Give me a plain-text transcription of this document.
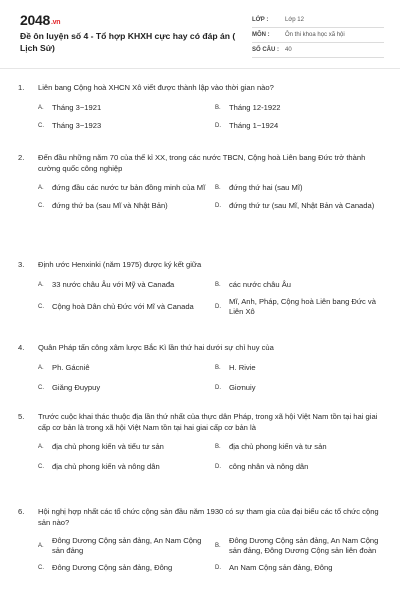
2048.vn
Đề ôn luyện số 4 - Tổ hợp KHXH cực hay có đáp án ( Lịch Sử)
LỚP :	Lớp 12
MÔN :	Ôn thi khoa học xã hội
SỐ CÂU :	40
1.	Liên bang Cộng hoà XHCN Xô viết được thành lập vào thời gian nào?
A.	Tháng 3−1921	B.	Tháng 12-1922
C.	Tháng 3−1923	D.	Tháng 1−1924
2.	Đến đầu những năm 70 của thế kỉ XX, trong các nước TBCN, Cộng hoà Liên bang Đức trở thành cường quốc công nghiệp
A.	đứng đầu các nước tư bản đồng minh của Mĩ B.	đứng thứ hai (sau Mĩ)
C.	đứng thứ ba (sau Mĩ và Nhật Bản)	D.	đứng thứ tư (sau Mĩ, Nhật Bản và Canada)
3.	Định ước Henxinki (năm 1975) được ký kết giữa
A.	33 nước châu Âu với Mỹ và Canađa	B.	các nước châu Âu
C.	Cộng hoà Dân chủ Đức với Mĩ và Canada	D.
Mĩ, Anh, Pháp, Cộng hoà Liên bang Đức và Liên Xô
4.	Quân Pháp tấn công xâm lược Bắc Kì lần thứ hai dưới sự chỉ huy của
A.	Ph. Gácniê	B.	H. Rivie
C.	Giăng Đuypuy	D.	Giơnuiy
5.	Trước cuộc khai thác thuộc địa lần thứ nhất của thực dân Pháp, trong xã hội Việt Nam tồn tại hai giai cấp cơ bản là trong xã hội Việt Nam tồn tại hai giai cấp cơ bản là
A.	địa chủ phong kiến và tiểu tư sản	B.	địa chủ phong kiến và tư sản
C.	địa chủ phong kiến và nông dân	D.	công nhân và nông dân
6.	Hội nghị hợp nhất các tổ chức cộng sản đầu năm 1930 có sự tham gia của đại biểu các tổ chức cộng sản nào?
A.
Đông Dương Cộng sản đảng, An Nam Cộng sản đảng	B.
Đông Dương Cộng sản đảng, An Nam Cộng sản đảng, Đông Dương Cộng sản liên đoàn
C.	Đông Dương Cộng sản đảng, Đông	D.	An Nam Cộng sản đảng, Đông
